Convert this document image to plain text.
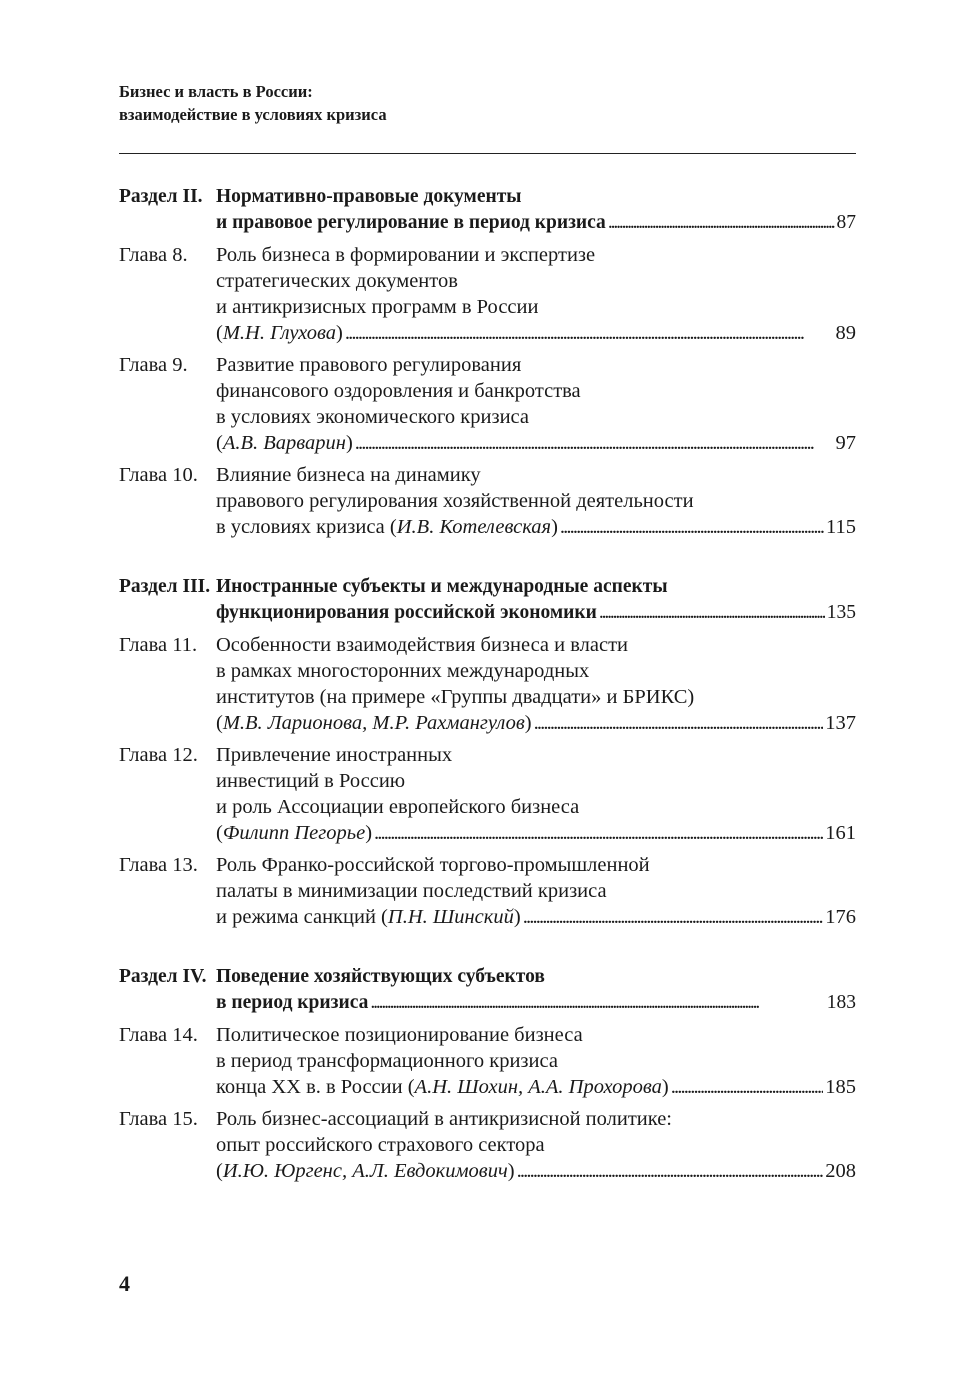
Бизнес и власть в России:
взаимодействие в условиях кризиса
Раздел II. Нормативно-правовые документы
и правовое регулирование в период кризиса . . .	87
Глава 8. Роль бизнеса в формировании и экспертизе
стратегических документов
и антикризисных программ в России
(М.Н. Глухова) . . .	89
Глава 9. Развитие правового регулирования
финансового оздоровления и банкротства
в условиях экономического кризиса
(А.В. Варварин) . . .	97
Глава 10. Влияние бизнеса на динамику
правового регулирования хозяйственной деятельности
в условиях кризиса (И.В. Котелевская) . . .	115
Раздел III. Иностранные субъекты и международные аспекты
функционирования российской экономики . . .	135
Глава 11. Особенности взаимодействия бизнеса и власти
в рамках многосторонних международных
институтов (на примере «Группы двадцати» и БРИКС)
(М.В. Ларионова, М.Р. Рахмангулов) . . .	137
Глава 12. Привлечение иностранных
инвестиций в Россию
и роль Ассоциации европейского бизнеса
(Филипп Пегорье) . . .	161
Глава 13. Роль Франко-российской торгово-промышленной
палаты в минимизации последствий кризиса
и режима санкций (П.Н. Шинский) . . .	176
Раздел IV. Поведение хозяйствующих субъектов
в период кризиса . . .	183
Глава 14. Политическое позиционирование бизнеса
в период трансформационного кризиса
конца XX в. в России (А.Н. Шохин, А.А. Прохорова) . . .	185
Глава 15. Роль бизнес-ассоциаций в антикризисной политике:
опыт российского страхового сектора
(И.Ю. Юргенс, А.Л. Евдокимович) . . .	208
4
